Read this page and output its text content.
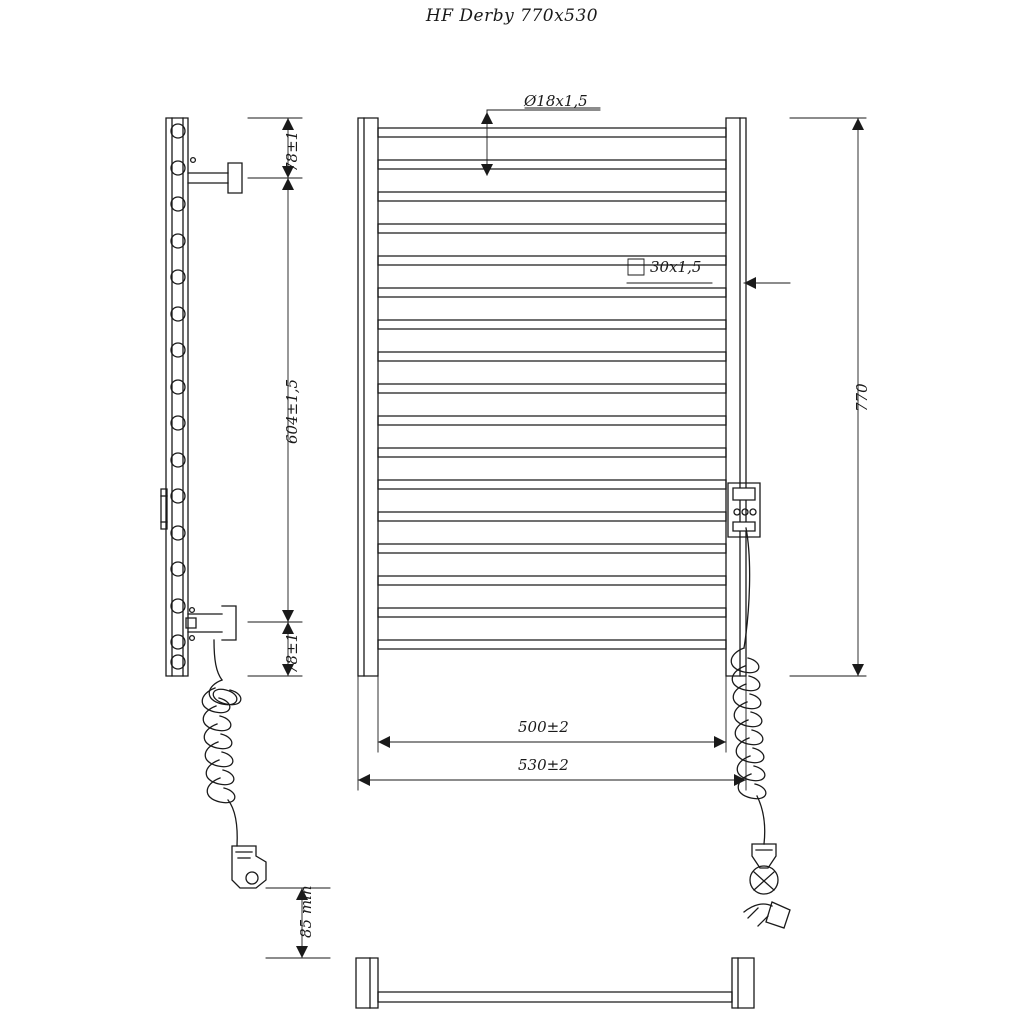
HF Derby 770x530
Ø18x1,5
30x1,5
78±1
604±1,5
78±1
500±2
530±2
770
85 min
